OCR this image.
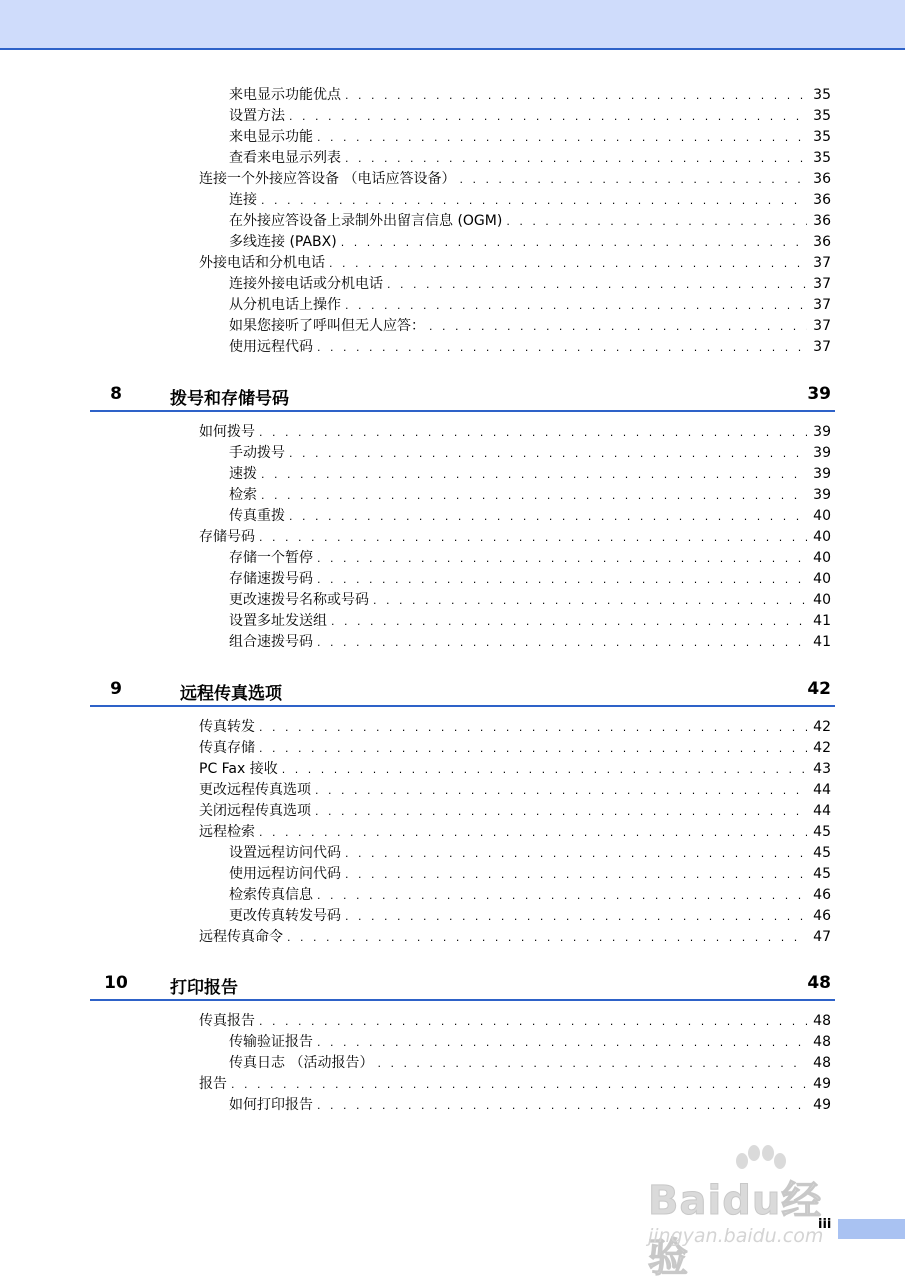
来电显示功能优点 . . .	35
设置方法 . . .	35
来电显示功能 . . .	35
查看来电显示列表 . . .	35
连接一个外接应答设备 （电话应答设备） . . .	36
连接 . . .	36
在外接应答设备上录制外出留言信息 (OGM) . . .	36
多线连接 (PABX) . . .	36
外接电话和分机电话 . . .	37
连接外接电话或分机电话 . . .	37
从分机电话上操作 . . .	37
如果您接听了呼叫但无人应答： . . .	37
使用远程代码 . . .	37
8	拨号和存储号码	39
如何拨号 . . .	39
手动拨号 . . .	39
速拨 . . .	39
检索 . . .	39
传真重拨 . . .	40
存储号码 . . .	40
存储一个暂停 . . .	40
存储速拨号码 . . .	40
更改速拨号名称或号码 . . .	40
设置多址发送组 . . .	41
组合速拨号码 . . .	41
9	远程传真选项	42
传真转发 . . .	42
传真存储 . . .	42
PC Fax 接收 . . .	43
更改远程传真选项 . . .	44
关闭远程传真选项 . . .	44
远程检索 . . .	45
设置远程访问代码 . . .	45
使用远程访问代码 . . .	45
检索传真信息 . . .	46
更改传真转发号码 . . .	46
远程传真命令 . . .	47
10	打印报告	48
传真报告 . . .	48
传输验证报告 . . .	48
传真日志 （活动报告） . . .	48
报告 . . .	49
如何打印报告 . . .	49
Baidu经验
jingyan.baidu.com
iii
